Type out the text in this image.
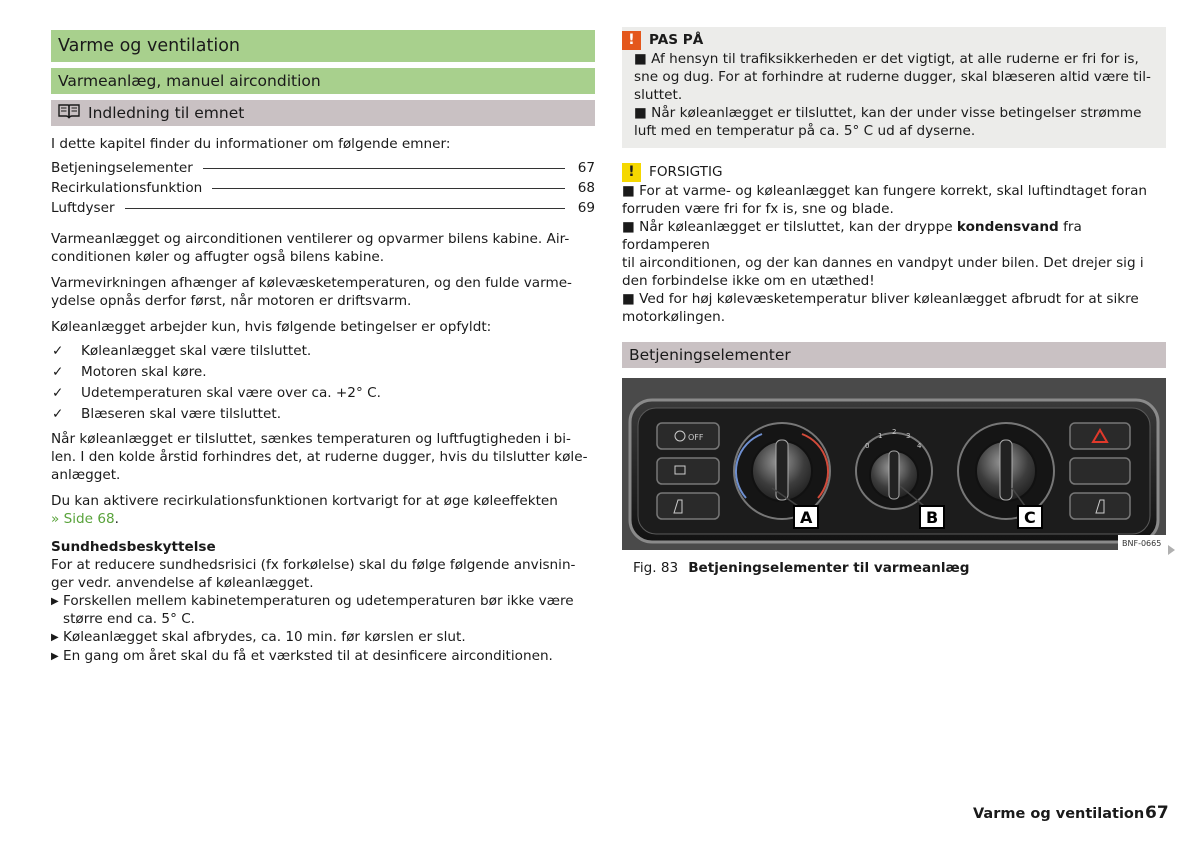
Varme og ventilation
Varmeanlæg, manuel aircondition
Indledning til emnet

I dette kapitel finder du informationer om følgende emner:

Betjeningselementer	67
Recirkulationsfunktion	68
Luftdyser	69

Varmeanlægget og airconditionen ventilerer og opvarmer bilens kabine. Air-
conditionen køler og affugter også bilens kabine.

Varmevirkningen afhænger af kølevæsketemperaturen, og den fulde varme-
ydelse opnås derfor først, når motoren er driftsvarm.

Køleanlægget arbejder kun, hvis følgende betingelser er opfyldt:

✓	Køleanlægget skal være tilsluttet.
✓	Motoren skal køre.
✓	Udetemperaturen skal være over ca. +2° C.
✓	Blæseren skal være tilsluttet.

Når køleanlægget er tilsluttet, sænkes temperaturen og luftfugtigheden i bi-
len. I den kolde årstid forhindres det, at ruderne dugger, hvis du tilslutter køle-
anlægget.

Du kan aktivere recirkulationsfunktionen kortvarigt for at øge køleeffekten
» Side 68.

Sundhedsbeskyttelse
For at reducere sundhedsrisici (fx forkølelse) skal du følge følgende anvisnin-
ger vedr. anvendelse af køleanlægget.
▶ Forskellen mellem kabinetemperaturen og udetemperaturen bør ikke være
større end ca. 5° C.
▶ Køleanlægget skal afbrydes, ca. 10 min. før kørslen er slut.
▶ En gang om året skal du få et værksted til at desinficere airconditionen.
!	PAS PÅ
■ Af hensyn til trafiksikkerheden er det vigtigt, at alle ruderne er fri for is,
sne og dug. For at forhindre at ruderne dugger, skal blæseren altid være til-
sluttet.
■ Når køleanlægget er tilsluttet, kan der under visse betingelser strømme
luft med en temperatur på ca. 5° C ud af dyserne.
!	FORSIGTIG
■ For at varme- og køleanlægget kan fungere korrekt, skal luftindtaget foran
forruden være fri for fx is, sne og blade.
■ Når køleanlægget er tilsluttet, kan der dryppe kondensvand fra fordamperen
til airconditionen, og der kan dannes en vandpyt under bilen. Det drejer sig i
den forbindelse ikke om en utæthed!
■ Ved for høj kølevæsketemperatur bliver køleanlægget afbrudt for at sikre
motorkølingen.
Betjeningselementer
OFF
0
1 2 3
4
A	B	C
BNF-0665
Fig. 83 Betjeningselementer til varmeanlæg
Varme og ventilation 67
